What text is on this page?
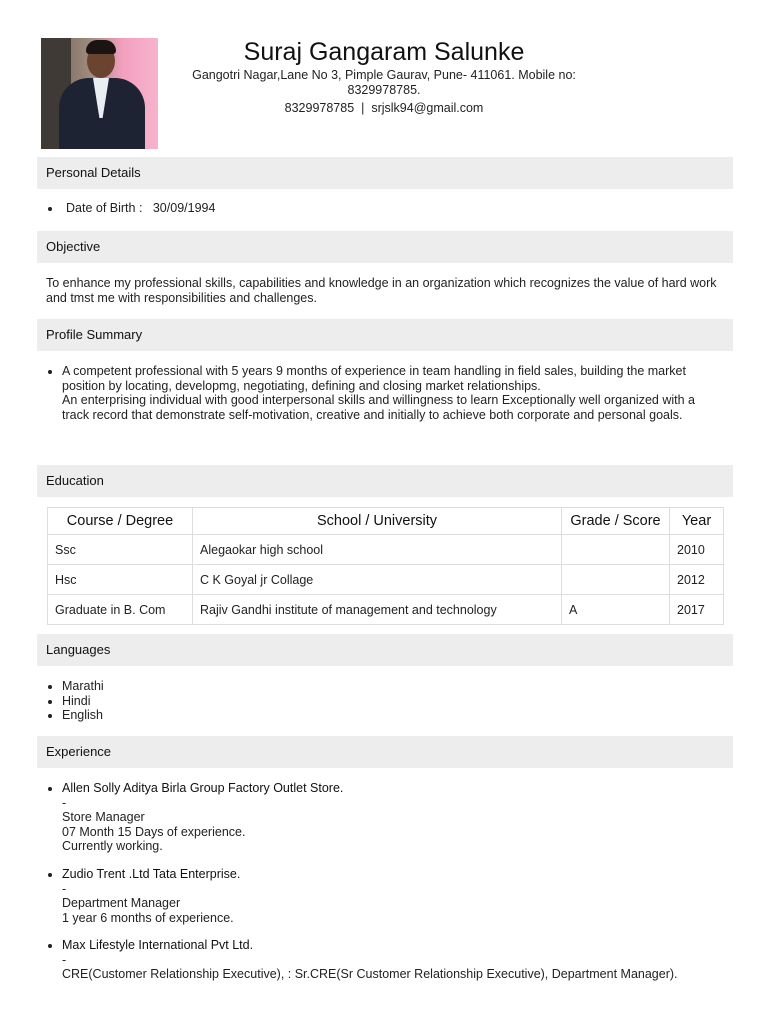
Suraj Gangaram Salunke
Gangotri Nagar,Lane No 3, Pimple Gaurav, Pune- 411061. Mobile no: 8329978785.
8329978785 | srjslk94@gmail.com
Personal Details
• Date of Birth : 30/09/1994
Objective
To enhance my professional skills, capabilities and knowledge in an organization which recognizes the value of hard work and tmst me with responsibilities and challenges.
Profile Summary
• A competent professional with 5 years 9 months of experience in team handling in field sales, building the market position by locating, developmg, negotiating, defining and closing market relationships.
An enterprising individual with good interpersonal skills and willingness to learn Exceptionally well organized with a track record that demonstrate self-motivation, creative and initially to achieve both corporate and personal goals.
Education
Course / Degree	School / University	Grade / Score	Year
Ssc	Alegaokar high school		2010
Hsc	C K Goyal jr Collage		2012
Graduate in B. Com	Rajiv Gandhi institute of management and technology	A	2017
Languages
• Marathi
• Hindi
• English
Experience
• Allen Solly Aditya Birla Group Factory Outlet Store.
-
Store Manager
07 Month 15 Days of experience.
Currently working.
• Zudio Trent .Ltd Tata Enterprise.
-
Department Manager
1 year 6 months of experience.
• Max Lifestyle International Pvt Ltd.
-
CRE(Customer Relationship Executive), : Sr.CRE(Sr Customer Relationship Executive), Department Manager).
